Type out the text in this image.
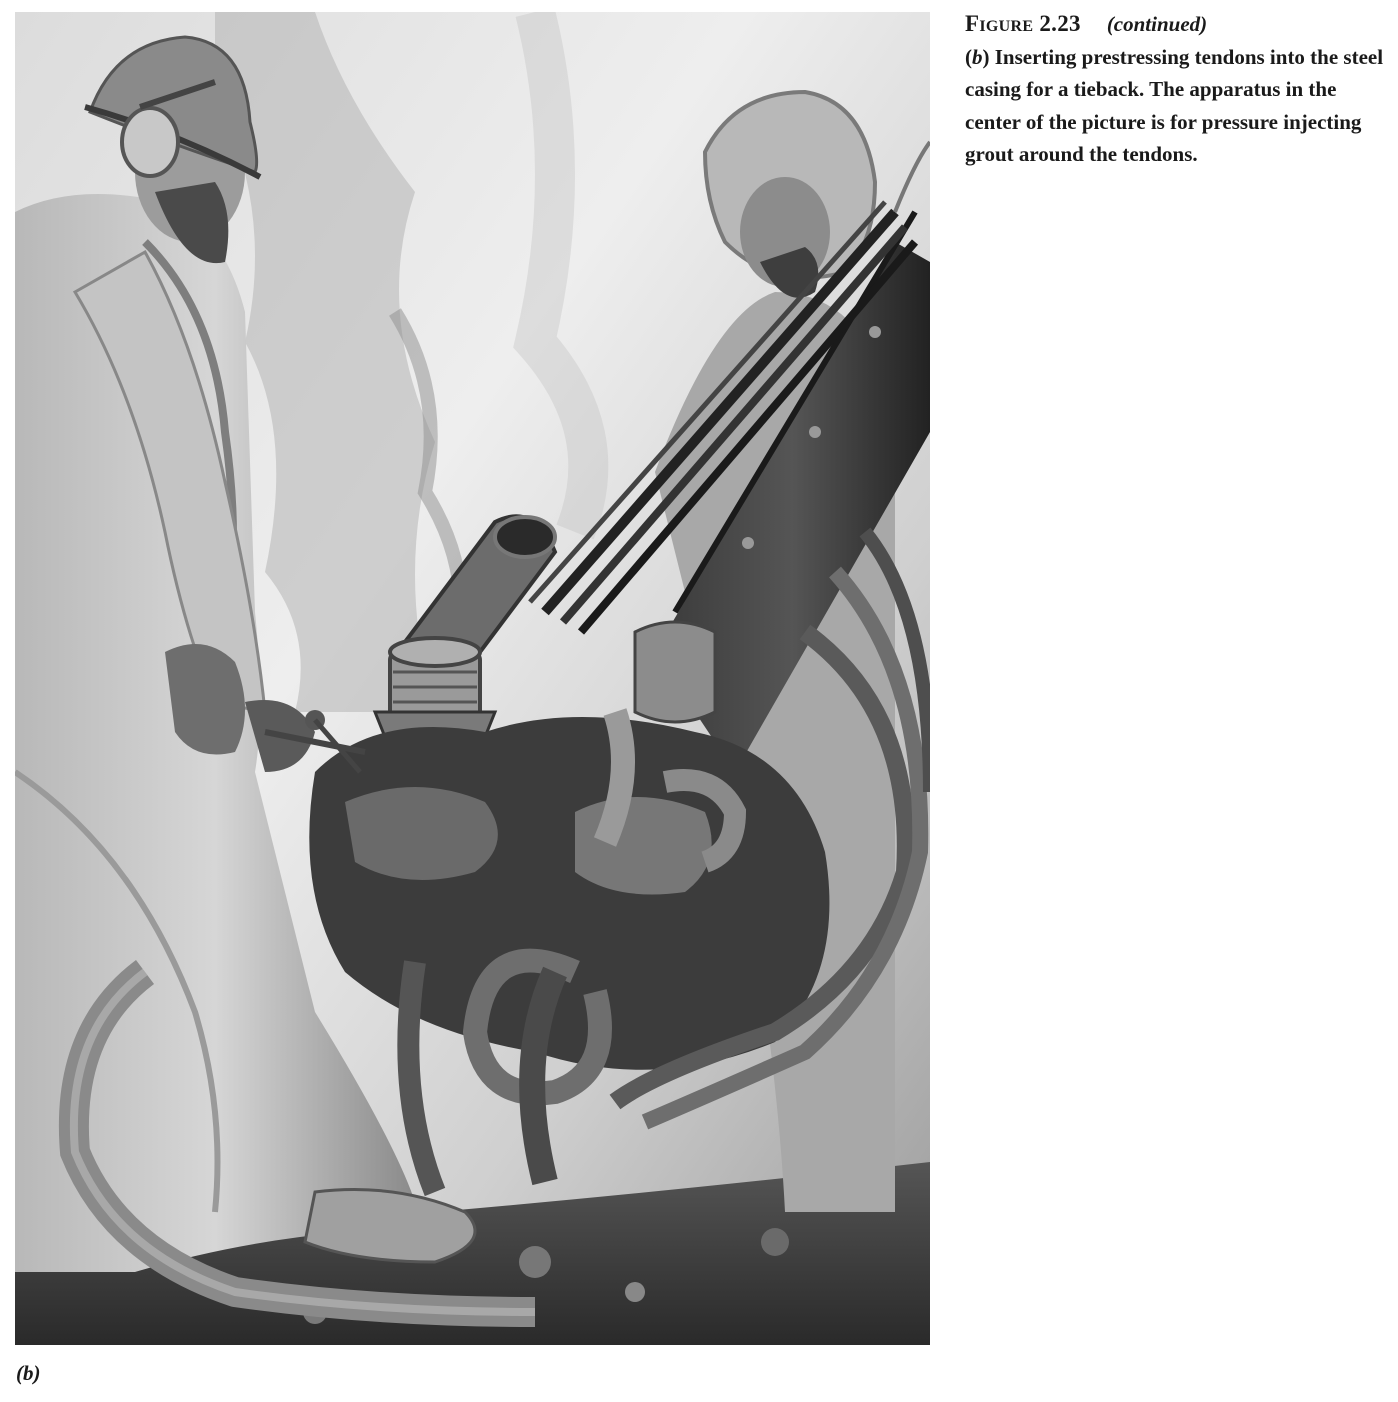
Figure 2.23 (continued)
(b) Inserting prestressing tendons into the steel casing for a tieback. The apparatus in the center of the picture is for pressure injecting grout around the tendons.
(b)
